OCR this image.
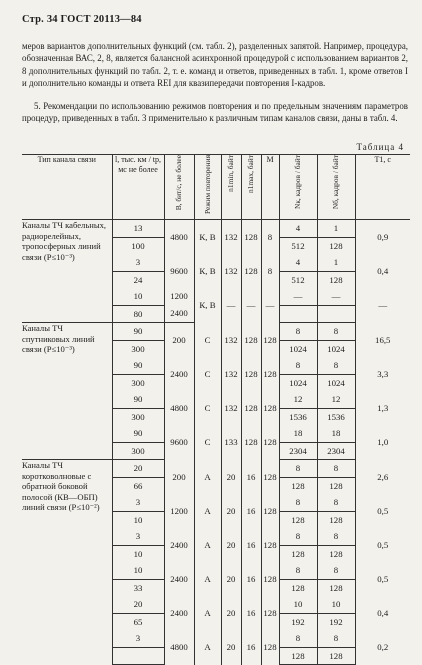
Стр. 34 ГОСТ 20113—84

меров вариантов дополнительных функций (см. табл. 2), разделенных запятой. Например, процедура, обозначенная ВАС, 2, 8, является балансной асинхронной процедурой с использованием вариантов 2, 8 дополнительных функций по табл. 2, т. е. команд и ответов, приведенных в табл. 1, кроме ответов I и дополнительно команды и ответа REI для квазипередачи повторения I-кадров.

5. Рекомендации по использованию режимов повторения и по предельным значениям параметров процедур, приведенных в табл. 3 применительно к различным типам каналов связи, даны в табл. 4.

Таблица 4
Тип канала связи	l, тыс. км / tр, мс не более	B, бит/с, не более	Режим повторения	n1min, байт	n1max, байт	M	Nк, кадров / байт	Nб, кадров / байт	T1, с

Каналы ТЧ кабельных, радиорелейных, тропосферных линий связи (P≤10⁻³)	13	4800	К, В	132	128	8	4	1	0,9
	100						512	128	
	3	9600	К, В	132	128	8	4	1	0,4
	24						512	128	
	10	1200	К, В	—	—	—	—	—	—
	80	2400							
Каналы ТЧ спутниковых линий связи (P≤10⁻³)	90	200	С	132	128	128	8	8	16,5
	300						1024	1024	
	90	2400	С	132	128	128	8	8	3,3
	300						1024	1024	
	90	4800	С	132	128	128	12	12	1,3
	300						1536	1536	
	90	9600	С	133	128	128	18	18	1,0
	300						2304	2304	
Каналы ТЧ коротковолновые с обратной боковой полосой (КВ—ОБП) линий связи (P≤10⁻²)	20	200	А	20	16	128	8	8	2,6
	66						128	128	
	3	1200	А	20	16	128	8	8	0,5
	10						128	128	
	3	2400	А	20	16	128	8	8	0,5
	10						128	128	
	10	2400	А	20	16	128	8	8	0,5
	33						128	128	
	20	2400	А	20	16	128	10	10	0,4
	65						192	192	
	3	4800	А	20	16	128	8	8	0,2
							128	128	
